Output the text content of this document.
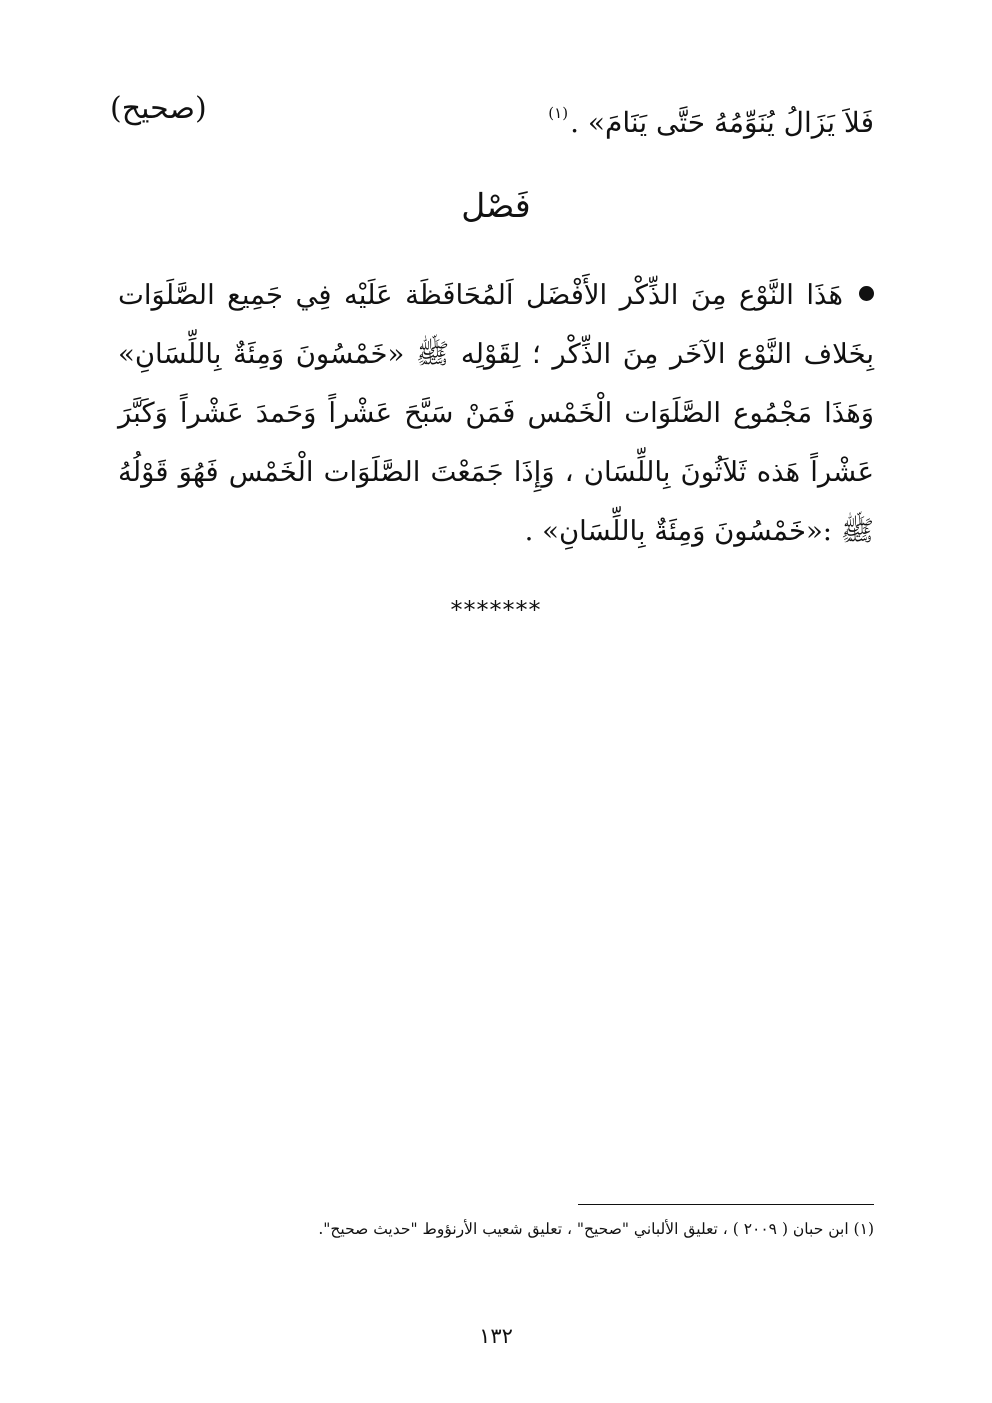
فَلاَ يَزَالُ يُنَوِّمُهُ حَتَّى يَنَامَ» .$^{(١)}$
(صحيح)
فَصْل

هَذَا النَّوْع مِنَ الذِّكْر الأَفْضَل اَلمُحَافَظَة عَلَيْه فِي جَمِيع الصَّلَوَات بِخَلاف النَّوْع الآخَر مِنَ الذِّكْر ؛ لِقَوْلِه ﷺ «خَمْسُونَ وَمِئَةٌ بِاللِّسَانِ» وَهَذَا مَجْمُوع الصَّلَوَات الْخَمْس فَمَنْ سَبَّحَ عَشْراً وَحَمدَ عَشْراً وَكَبَّرَ عَشْراً هَذه ثَلاَثُونَ بِاللِّسَان ، وَإِذَا جَمَعْتَ الصَّلَوَات الْخَمْس فَهُوَ قَوْلُهُ ﷺ :«خَمْسُونَ وَمِئَةٌ بِاللِّسَانِ» .

*******
(١) ابن حبان ( ٢٠٠٩ ) ، تعليق الألباني "صحيح" ، تعليق شعيب الأرنؤوط "حديث صحيح".
١٣٢
